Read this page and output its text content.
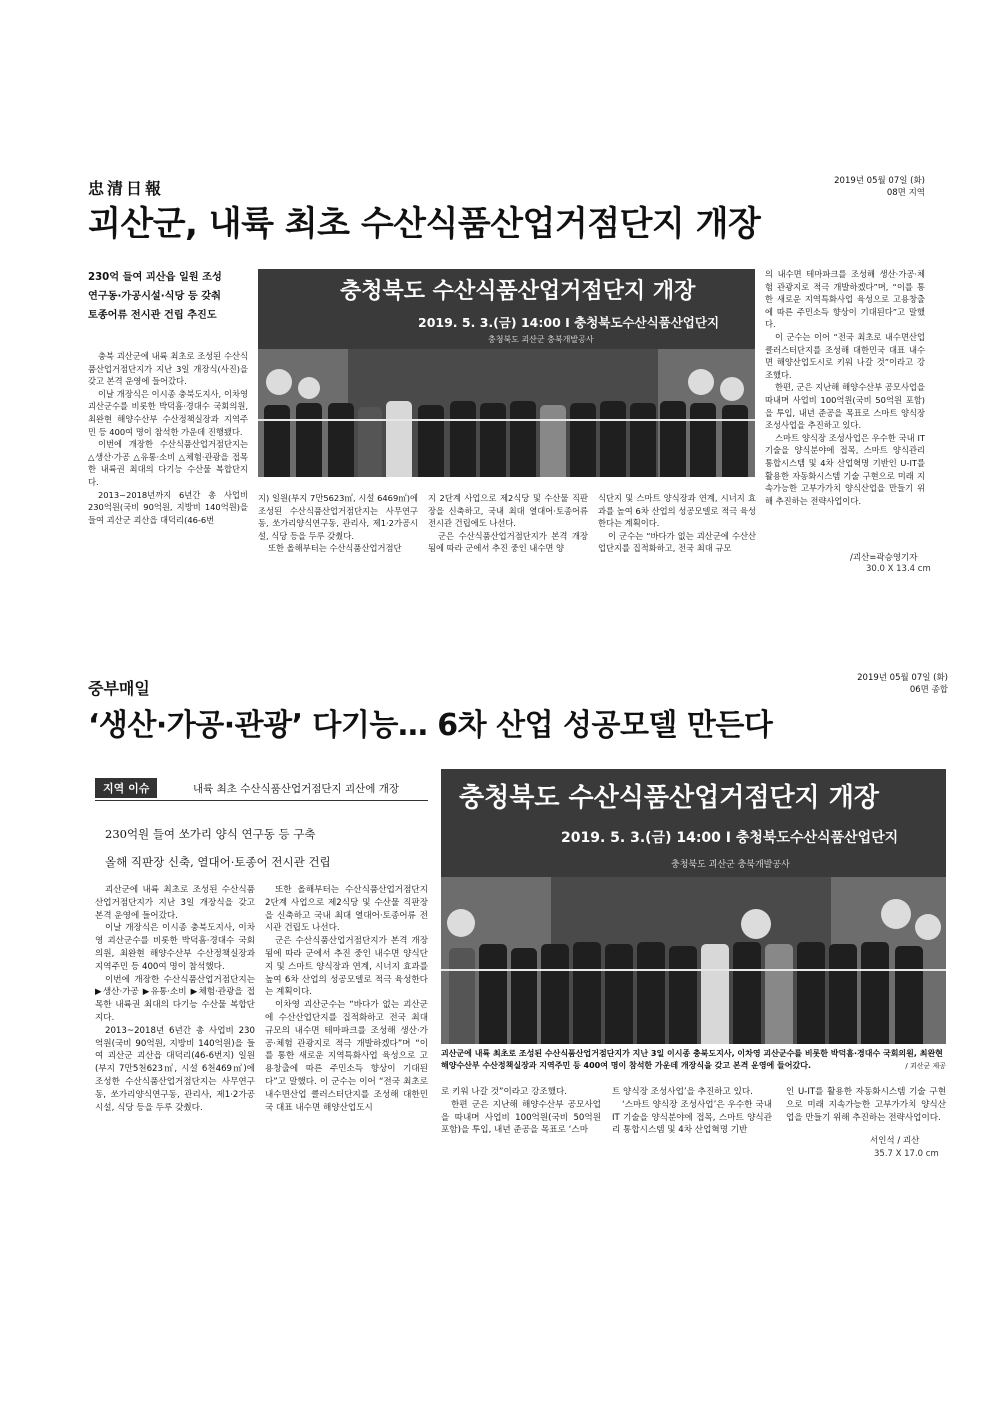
忠清日報	2019년 05월 07일 (화)
08면 지역
괴산군, 내륙 최초 수산식품산업거점단지 개장
230억 들여 괴산읍 일원 조성
연구동·가공시설·식당 등 갖춰
토종어류 전시관 건립 추진도

충북 괴산군에 내륙 최초로 조성된 수산식품산업거점단지가 지난 3일 개장식(사진)을 갖고 본격 운영에 들어갔다.

이날 개장식은 이시종 충북도지사, 이차영 괴산군수를 비롯한 박덕흠·경대수 국회의원, 최완현 해양수산부 수산정책실장과 지역주민 등 400여 명이 참석한 가운데 진행됐다.

이번에 개장한 수산식품산업거점단지는 △생산·가공 △유통·소비 △체험·관광을 접목한 내륙권 최대의 다기능 수산물 복합단지다.

2013~2018년까지 6년간 총 사업비 230억원(국비 90억원, 지방비 140억원)을 들여 괴산군 괴산읍 대덕리(46-6번

충청북도 수산식품산업거점단지 개장
2019. 5. 3.(금) 14:00 I 충청북도수산식품산업단지
충청북도 괴산군 충북개발공사

지) 일원(부지 7만5623㎡, 시설 6469㎡)에 조성된 수산식품산업거점단지는 사무연구동, 쏘가리양식연구동, 관리사, 제1·2가공시설, 식당 등을 두루 갖췄다.

또한 올해부터는 수산식품산업거점단

지 2단계 사업으로 제2식당 및 수산물 직판장을 신축하고, 국내 최대 열대어·토종어류 전시관 건립에도 나선다.

군은 수산식품산업거점단지가 본격 개장됨에 따라 군에서 추진 중인 내수면 양

식단지 및 스마트 양식장과 연계, 시너지 효과를 높여 6차 산업의 성공모델로 적극 육성한다는 계획이다.

이 군수는 “바다가 없는 괴산군에 수산산업단지를 집적화하고, 전국 최대 규모

의 내수면 테마파크를 조성해 생산·가공·체험 관광지로 적극 개발하겠다”며, “이를 통한 새로운 지역특화사업 육성으로 고용창출에 따른 주민소득 향상이 기대된다”고 말했다.

이 군수는 이어 “전국 최초로 내수면산업 클러스터단지를 조성해 대한민국 대표 내수면 해양산업도시로 키워 나갈 것”이라고 강조했다.

한편, 군은 지난해 해양수산부 공모사업을 따내며 사업비 100억원(국비 50억원 포함)을 투입, 내년 준공을 목표로 스마트 양식장 조성사업을 추진하고 있다.

스마트 양식장 조성사업은 우수한 국내 IT기술을 양식분야에 접목, 스마트 양식관리 통합시스템 및 4차 산업혁명 기반인 U-IT를 활용한 자동화시스템 기술 구현으로 미래 지속가능한 고부가가치 양식산업을 만들기 위해 추진하는 전략사업이다.

/괴산=곽승영기자
30.0 X 13.4 cm
중부매일
2019년 05월 07일 (화)
06면 종합
‘생산·가공·관광’ 다기능… 6차 산업 성공모델 만든다
지역 이슈	내륙 최초 수산식품산업거점단지 괴산에 개장
230억원 들여 쏘가리 양식 연구동 등 구축
올해 직판장 신축, 열대어·토종어 전시관 건립

괴산군에 내륙 최초로 조성된 수산식품산업거점단지가 지난 3일 개장식을 갖고 본격 운영에 들어갔다.

이날 개장식은 이시종 충북도지사, 이차영 괴산군수를 비롯한 박덕흠·경대수 국회의원, 최완현 해양수산부 수산정책실장과 지역주민 등 400여 명이 참석했다.

이번에 개장한 수산식품산업거점단지는 ▶생산·가공 ▶유통·소비 ▶체험·관광을 접목한 내륙권 최대의 다기능 수산물 복합단지다.

2013~2018년 6년간 총 사업비 230억원(국비 90억원, 지방비 140억원)을 들여 괴산군 괴산읍 대덕리(46-6번지) 일원(부지 7만5천623㎡, 시설 6천469㎡)에 조성한 수산식품산업거점단지는 사무연구동, 쏘가리양식연구동, 관리사, 제1·2가공시설, 식당 등을 두루 갖췄다.

또한 올해부터는 수산식품산업거점단지 2단계 사업으로 제2식당 및 수산물 직판장을 신축하고 국내 최대 열대어·토종어류 전시관 건립도 나선다.

군은 수산식품산업거점단지가 본격 개장됨에 따라 군에서 추진 중인 내수면 양식단지 및 스마트 양식장과 연계, 시너지 효과를 높여 6차 산업의 성공모델로 적극 육성한다는 계획이다.

이차영 괴산군수는 “바다가 없는 괴산군에 수산산업단지를 집적화하고 전국 최대 규모의 내수면 테마파크를 조성해 생산·가공·체험 관광지로 적극 개발하겠다”며 “이를 통한 새로운 지역특화사업 육성으로 고용창출에 따른 주민소득 향상이 기대된다”고 말했다. 이 군수는 이어 “전국 최초로 내수면산업 클러스터단지를 조성해 대한민국 대표 내수면 해양산업도시

충청북도 수산식품산업거점단지 개장
2019. 5. 3.(금) 14:00 I 충청북도수산식품산업단지
충청북도 괴산군 충북개발공사
괴산군에 내륙 최초로 조성된 수산식품산업거점단지가 지난 3일 이시종 충북도지사, 이차영 괴산군수를 비롯한 박덕흠·경대수 국회의원, 최완현 해양수산부 수산정책실장과 지역주민 등 400여 명이 참석한 가운데 개장식을 갖고 본격 운영에 들어갔다.	/ 괴산군 제공

로 키워 나갈 것”이라고 강조했다.

한편 군은 지난해 해양수산부 공모사업을 따내며 사업비 100억원(국비 50억원 포함)을 투입, 내년 준공을 목표로 ‘스마

트 양식장 조성사업’을 추진하고 있다.

‘스마트 양식장 조성사업’은 우수한 국내 IT 기술을 양식분야에 접목, 스마트 양식관리 통합시스템 및 4차 산업혁명 기반

인 U-IT를 활용한 자동화시스템 기술 구현으로 미래 지속가능한 고부가가치 양식산업을 만들기 위해 추진하는 전략사업이다.

서인석 / 괴산
35.7 X 17.0 cm
